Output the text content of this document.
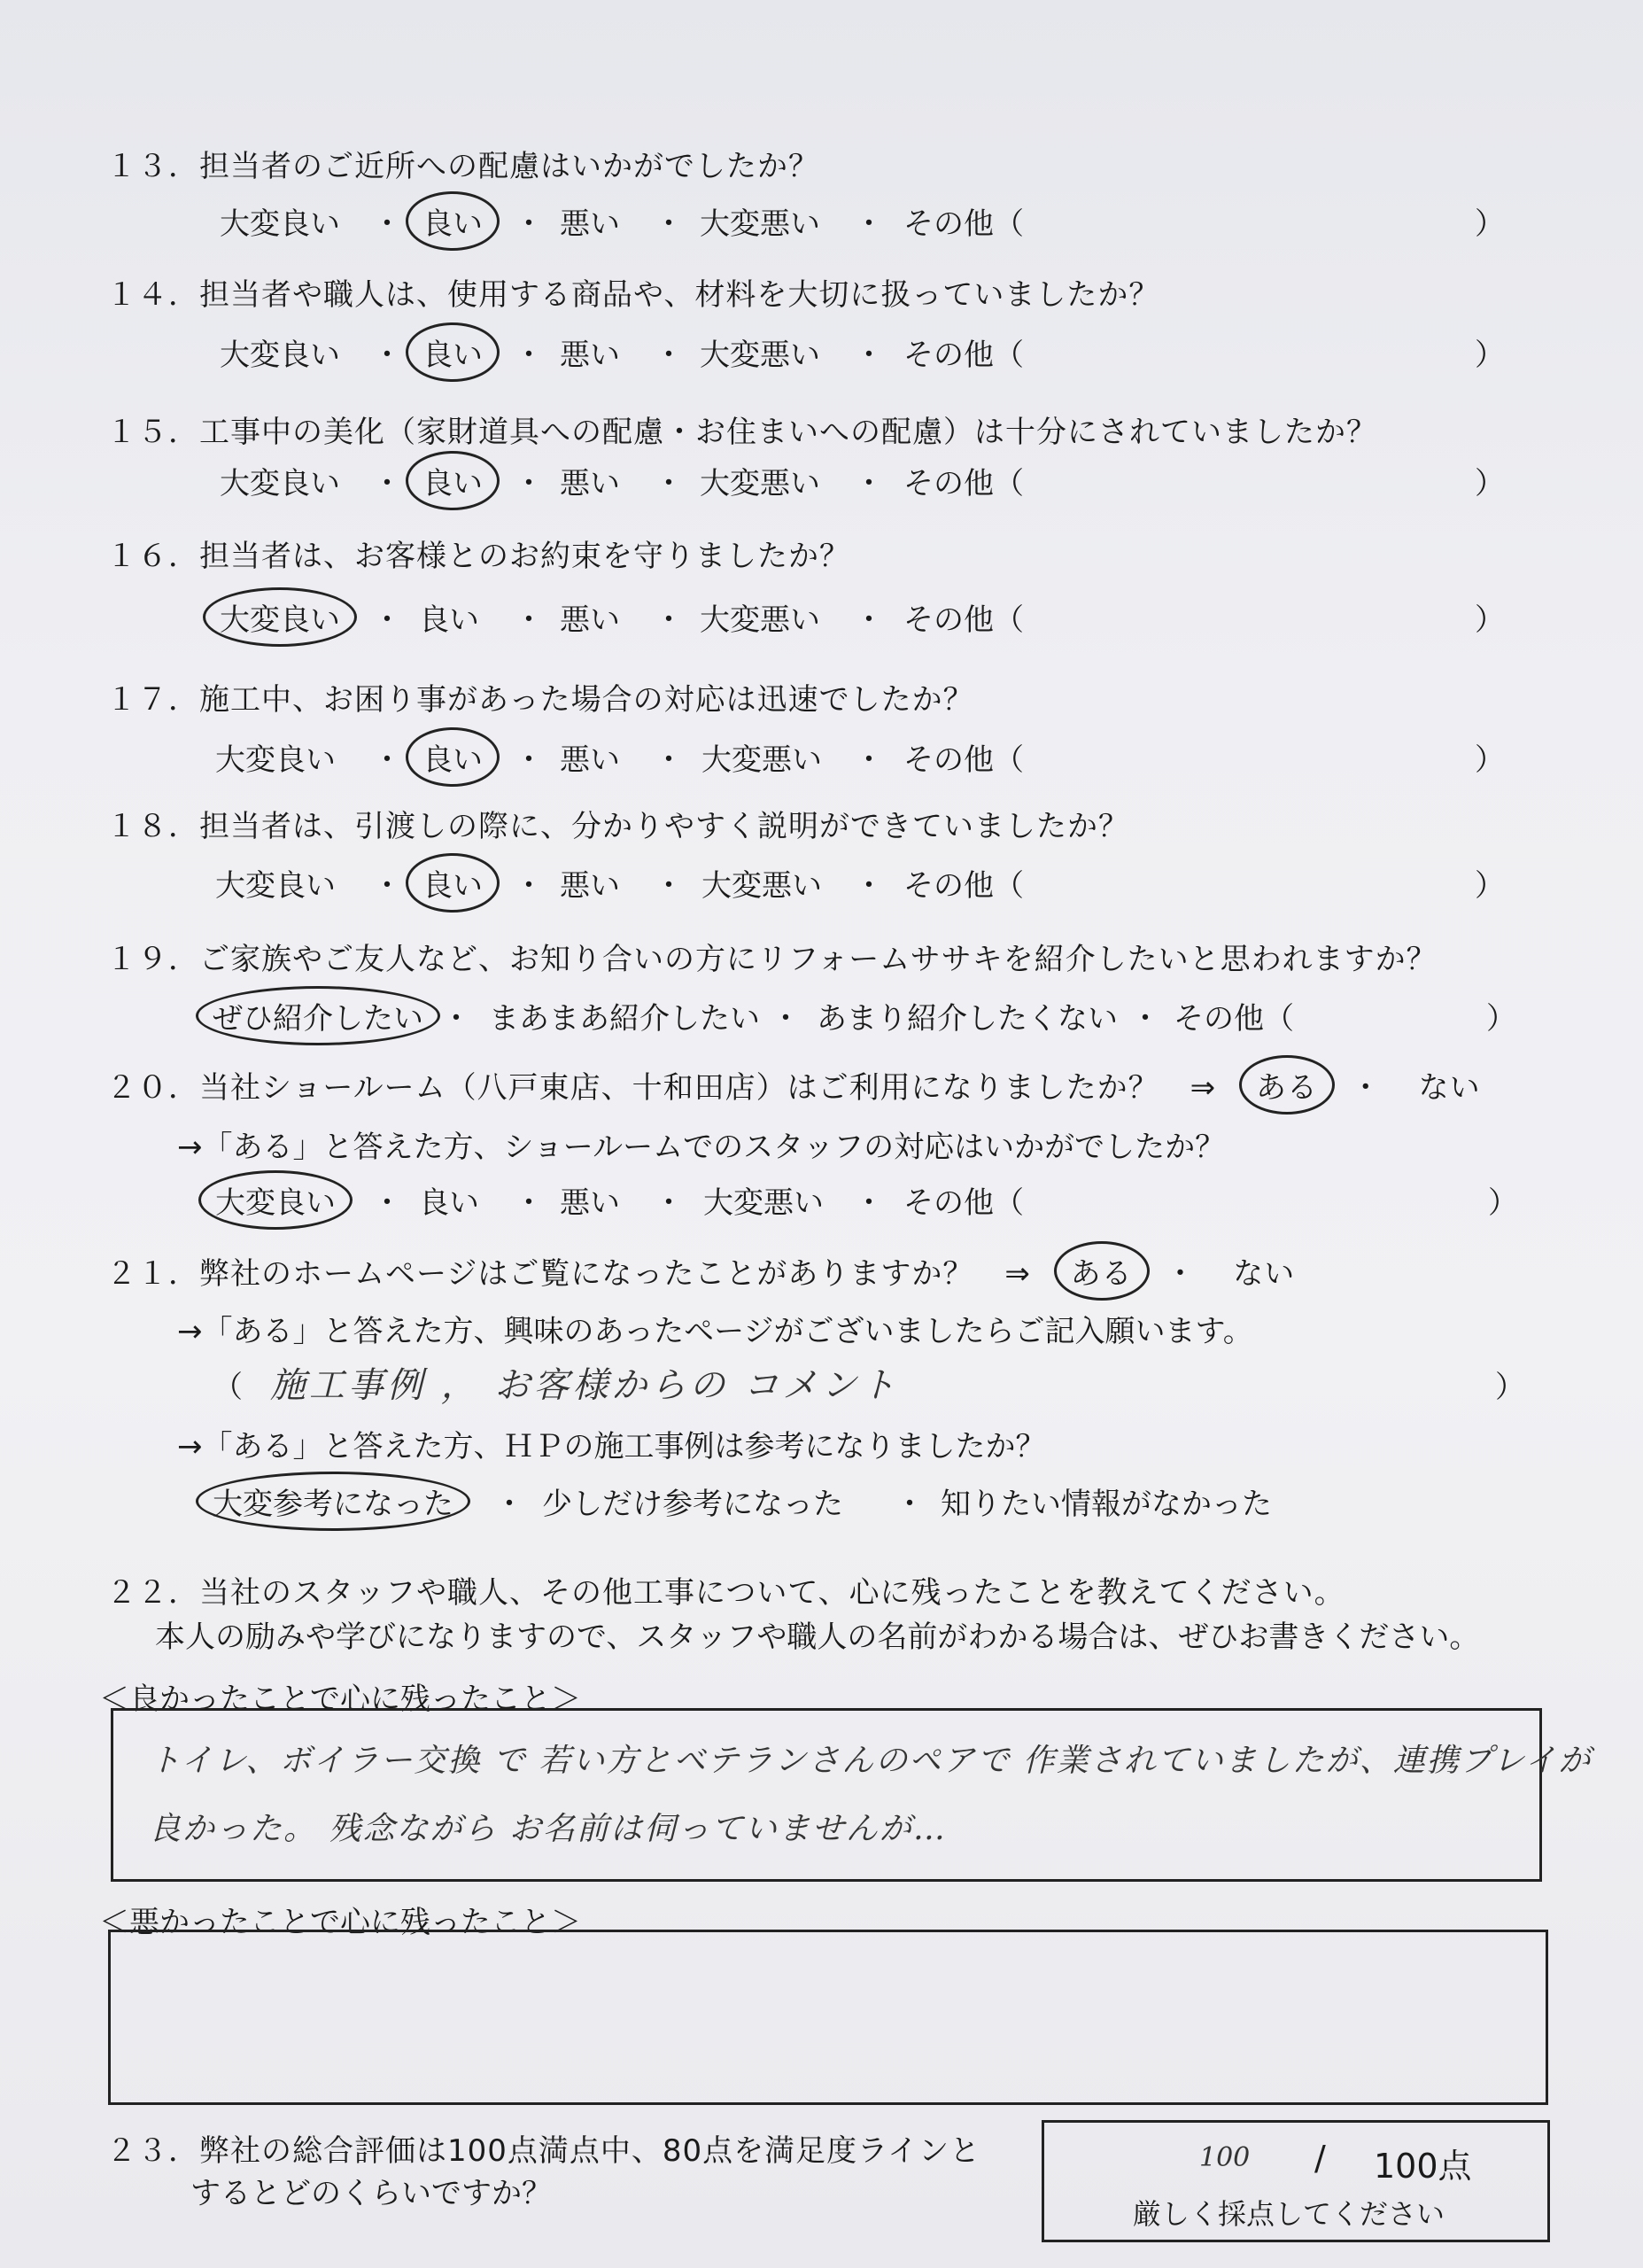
１３．担当者のご近所への配慮はいかがでしたか？
大変良い ・ 良い	・ 悪い ・ 大変悪い ・ その他（	）
１４．担当者や職人は、使用する商品や、材料を大切に扱っていましたか？
大変良い ・ 良い	・ 悪い ・ 大変悪い ・ その他（	）
１５．工事中の美化（家財道具への配慮・お住まいへの配慮）は十分にされていましたか？
大変良い ・ 良い	・ 悪い ・ 大変悪い ・ その他（	）
１６．担当者は、お客様とのお約束を守りましたか？
大変良い	・ 良い ・ 悪い ・ 大変悪い ・ その他（	）
１７．施工中、お困り事があった場合の対応は迅速でしたか？
大変良い ・ 良い	・ 悪い ・ 大変悪い ・ その他（	）
１８．担当者は、引渡しの際に、分かりやすく説明ができていましたか？
大変良い ・ 良い	・ 悪い ・ 大変悪い ・ その他（	）
１９．ご家族やご友人など、お知り合いの方にリフォームササキを紹介したいと思われますか？
ぜひ紹介したい ・ まあまあ紹介したい ・ あまり紹介したくない ・ その他（	）
２０．当社ショールーム（八戸東店、十和田店）はご利用になりましたか？　⇒ ある ・ ない
→「ある」と答えた方、ショールームでのスタッフの対応はいかがでしたか？
大変良い	・ 良い ・ 悪い ・ 大変悪い ・ その他（	）
２１．弊社のホームページはご覧になったことがありますか？　⇒ ある ・ ない
→「ある」と答えた方、興味のあったページがございましたらご記入願います。
（ 施工事例 ， お客様からの コメント	）
→「ある」と答えた方、ＨＰの施工事例は参考になりましたか？
大変参考になった	・ 少しだけ参考になった ・ 知りたい情報がなかった
２２．当社のスタッフや職人、その他工事について、心に残ったことを教えてください。
本人の励みや学びになりますので、スタッフや職人の名前がわかる場合は、ぜひお書きください。
＜良かったことで心に残ったこと＞
トイレ、ボイラー交換 で 若い方とベテランさんのペアで 作業されていましたが、連携プレイが
良かった。 残念ながら お名前は伺っていませんが…
＜悪かったことで心に残ったこと＞
２３．弊社の総合評価は100点満点中、80点を満足度ラインと
するとどのくらいですか？
100 / 100点
厳しく採点してください
